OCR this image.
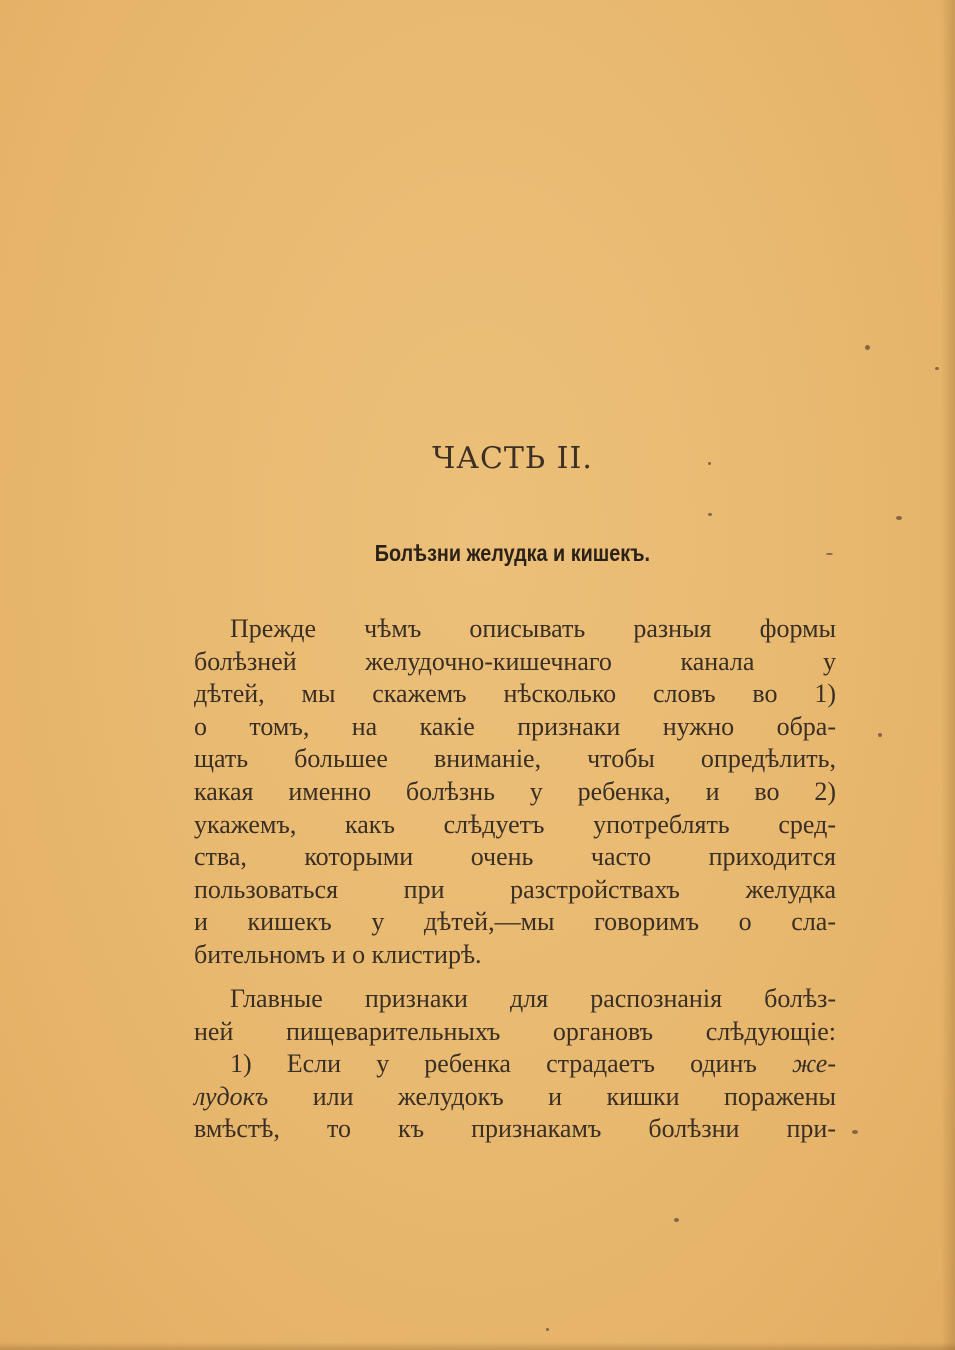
ЧАСТЬ II.
Болѣзни желудка и кишекъ.
Прежде чѣмъ описывать разныя формы
болѣзней желудочно-кишечнаго канала у
дѣтей, мы скажемъ нѣсколько словъ во 1)
о томъ, на какіе признаки нужно обра-
щать большее вниманіе, чтобы опредѣлить,
какая именно болѣзнь у ребенка, и во 2)
укажемъ, какъ слѣдуетъ употреблять сред-
ства, которыми очень часто приходится
пользоваться при разстройствахъ желудка
и кишекъ у дѣтей,—мы говоримъ о сла-
бительномъ и о клистирѣ.
Главные признаки для распознанія болѣз-
ней пищеварительныхъ органовъ слѣдующіе:
1) Если у ребенка страдаетъ одинъ же-
лудокъ или желудокъ и кишки поражены
вмѣстѣ, то къ признакамъ болѣзни при-
